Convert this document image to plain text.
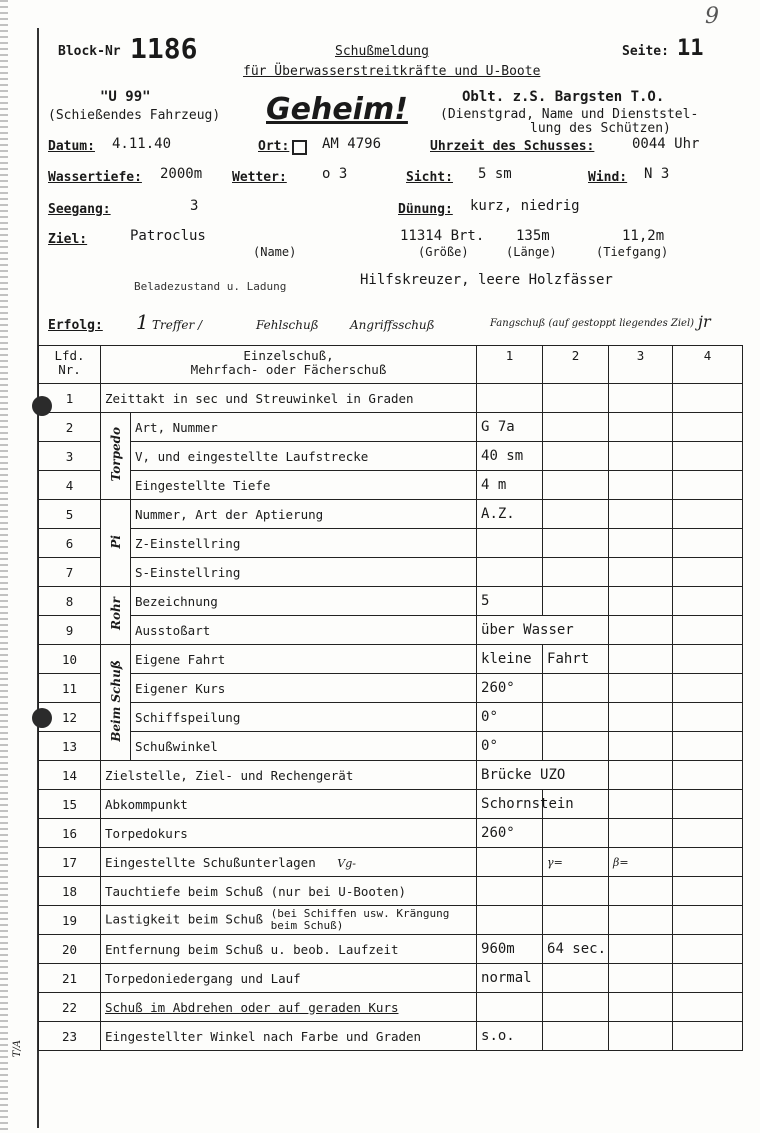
Block-Nr 1186	Schußmeldung
für Überwasserstreitkräfte und U-Boote
Seite: 11
9
"U 99"
(Schießendes Fahrzeug) Geheim!	Oblt. z.S. Bargsten T.O.
(Dienstgrad, Name und Dienststel-
lung des Schützen)
Datum: 4.11.40	Ort: AM 4796	Uhrzeit des Schusses:	0044 Uhr
Wassertiefe: 2000m Wetter:	o 3	Sicht: 5 sm	Wind: N 3
Seegang:	3	Dünung: kurz, niedrig
Ziel:	Patroclus	11314 Brt. 135m	11,2m
(Name)	(Größe)	(Länge)	(Tiefgang)
Beladezustand u. Ladung	Hilfskreuzer, leere Holzfässer
Erfolg: 1 Treffer /	Fehlschuß	Angriffsschuß	Fangschuß (auf gestoppt liegendes Ziel) jr
Lfd.
Nr.	Einzelschuß,
Mehrfach- oder Fächerschuß		1	2	3	4
1	Zeittakt in sec und Streuwinkel in Graden					
2	Torpedo	Art, Nummer	G 7a			
3		V, und eingestellte Laufstrecke	40 sm			
4		Eingestellte Tiefe	4 m			
5	Pi	Nummer, Art der Aptierung	A.Z.			
6		Z-Einstellring				
7		S-Einstellring				
8	Rohr	Bezeichnung	5			
9		Ausstoßart	über Wasser			
10	Beim Schuß	Eigene Fahrt	kleine	Fahrt		
11		Eigener Kurs	260°			
12		Schiffspeilung	0°			
13		Schußwinkel	0°			
14	Zielstelle, Ziel- und Rechengerät		Brücke UZO			
15	Abkommpunkt		Schornstein			
16	Torpedokurs		260°			
17	Eingestellte Schußunterlagen Vg-			γ=	β=	
18	Tauchtiefe beim Schuß (nur bei U-Booten)					
19	Lastigkeit beim Schuß (bei Schiffen usw. Krängung beim Schuß)					
20	Entfernung beim Schuß u. beob. Laufzeit		960m	64 sec.		
21	Torpedoniedergang und Lauf		normal			
22	Schuß im Abdrehen oder auf geraden Kurs					
23	Eingestellter Winkel nach Farbe und Graden		s.o.			
T/A
